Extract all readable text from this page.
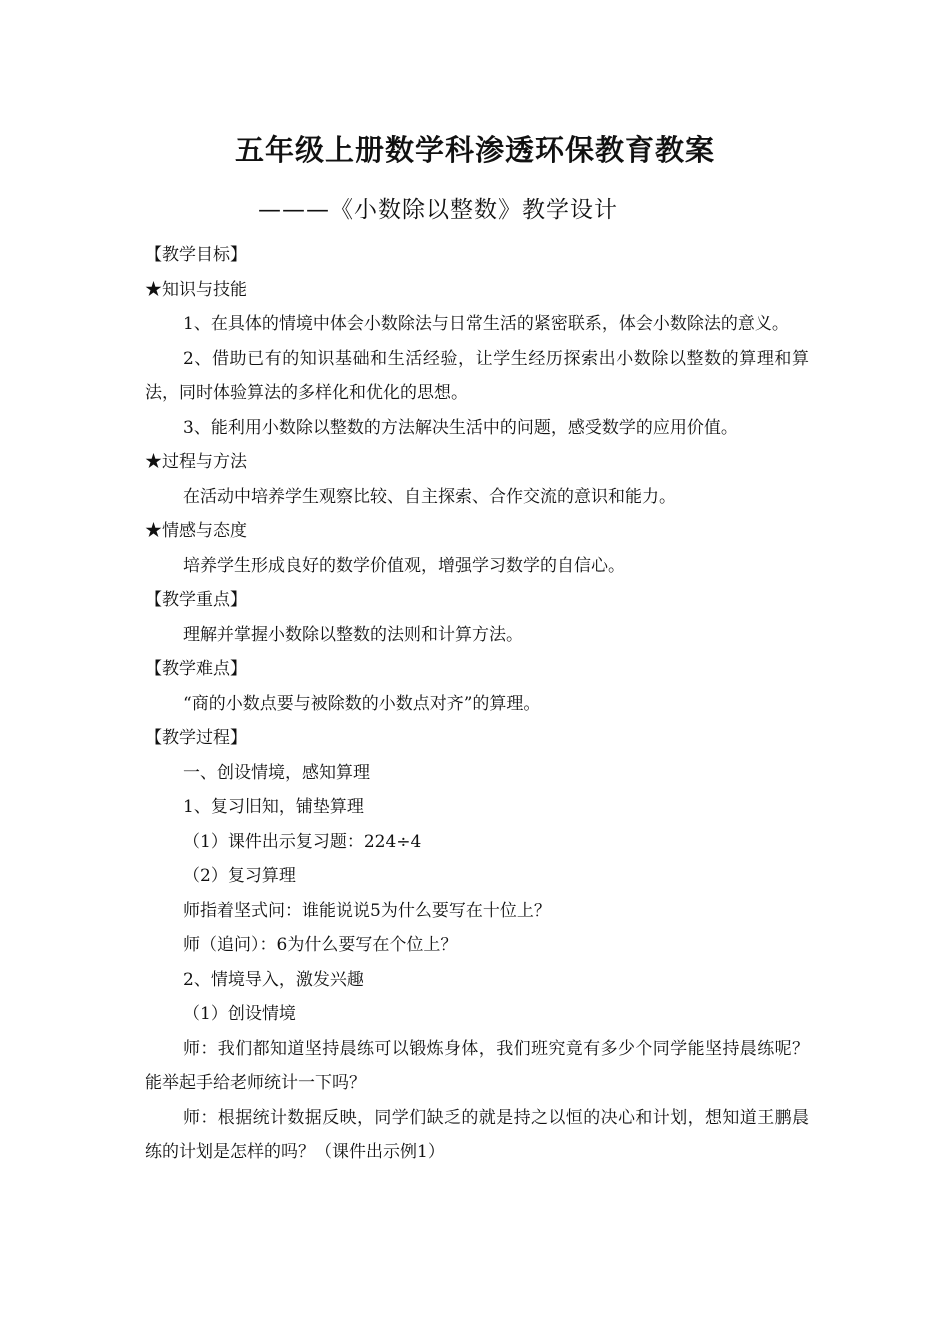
五年级上册数学科渗透环保教育教案
———《小数除以整数》教学设计
【教学目标】
★知识与技能

1、在具体的情境中体会小数除法与日常生活的紧密联系，体会小数除法的意义。

2、借助已有的知识基础和生活经验，让学生经历探索出小数除以整数的算理和算法，同时体验算法的多样化和优化的思想。

3、能利用小数除以整数的方法解决生活中的问题，感受数学的应用价值。
★过程与方法
在活动中培养学生观察比较、自主探索、合作交流的意识和能力。
★情感与态度
培养学生形成良好的数学价值观，增强学习数学的自信心。
【教学重点】
理解并掌握小数除以整数的法则和计算方法。
【教学难点】
“商的小数点要与被除数的小数点对齐”的算理。
【教学过程】
一、创设情境，感知算理
1、复习旧知，铺垫算理
（1）课件出示复习题：224÷4
（2）复习算理
师指着坚式问：谁能说说5为什么要写在十位上？
师（追问）：6为什么要写在个位上？
2、情境导入，激发兴趣
（1）创设情境

师：我们都知道坚持晨练可以锻炼身体，我们班究竟有多少个同学能坚持晨练呢？能举起手给老师统计一下吗？

师：根据统计数据反映，同学们缺乏的就是持之以恒的决心和计划，想知道王鹏晨练的计划是怎样的吗？（课件出示例1）
